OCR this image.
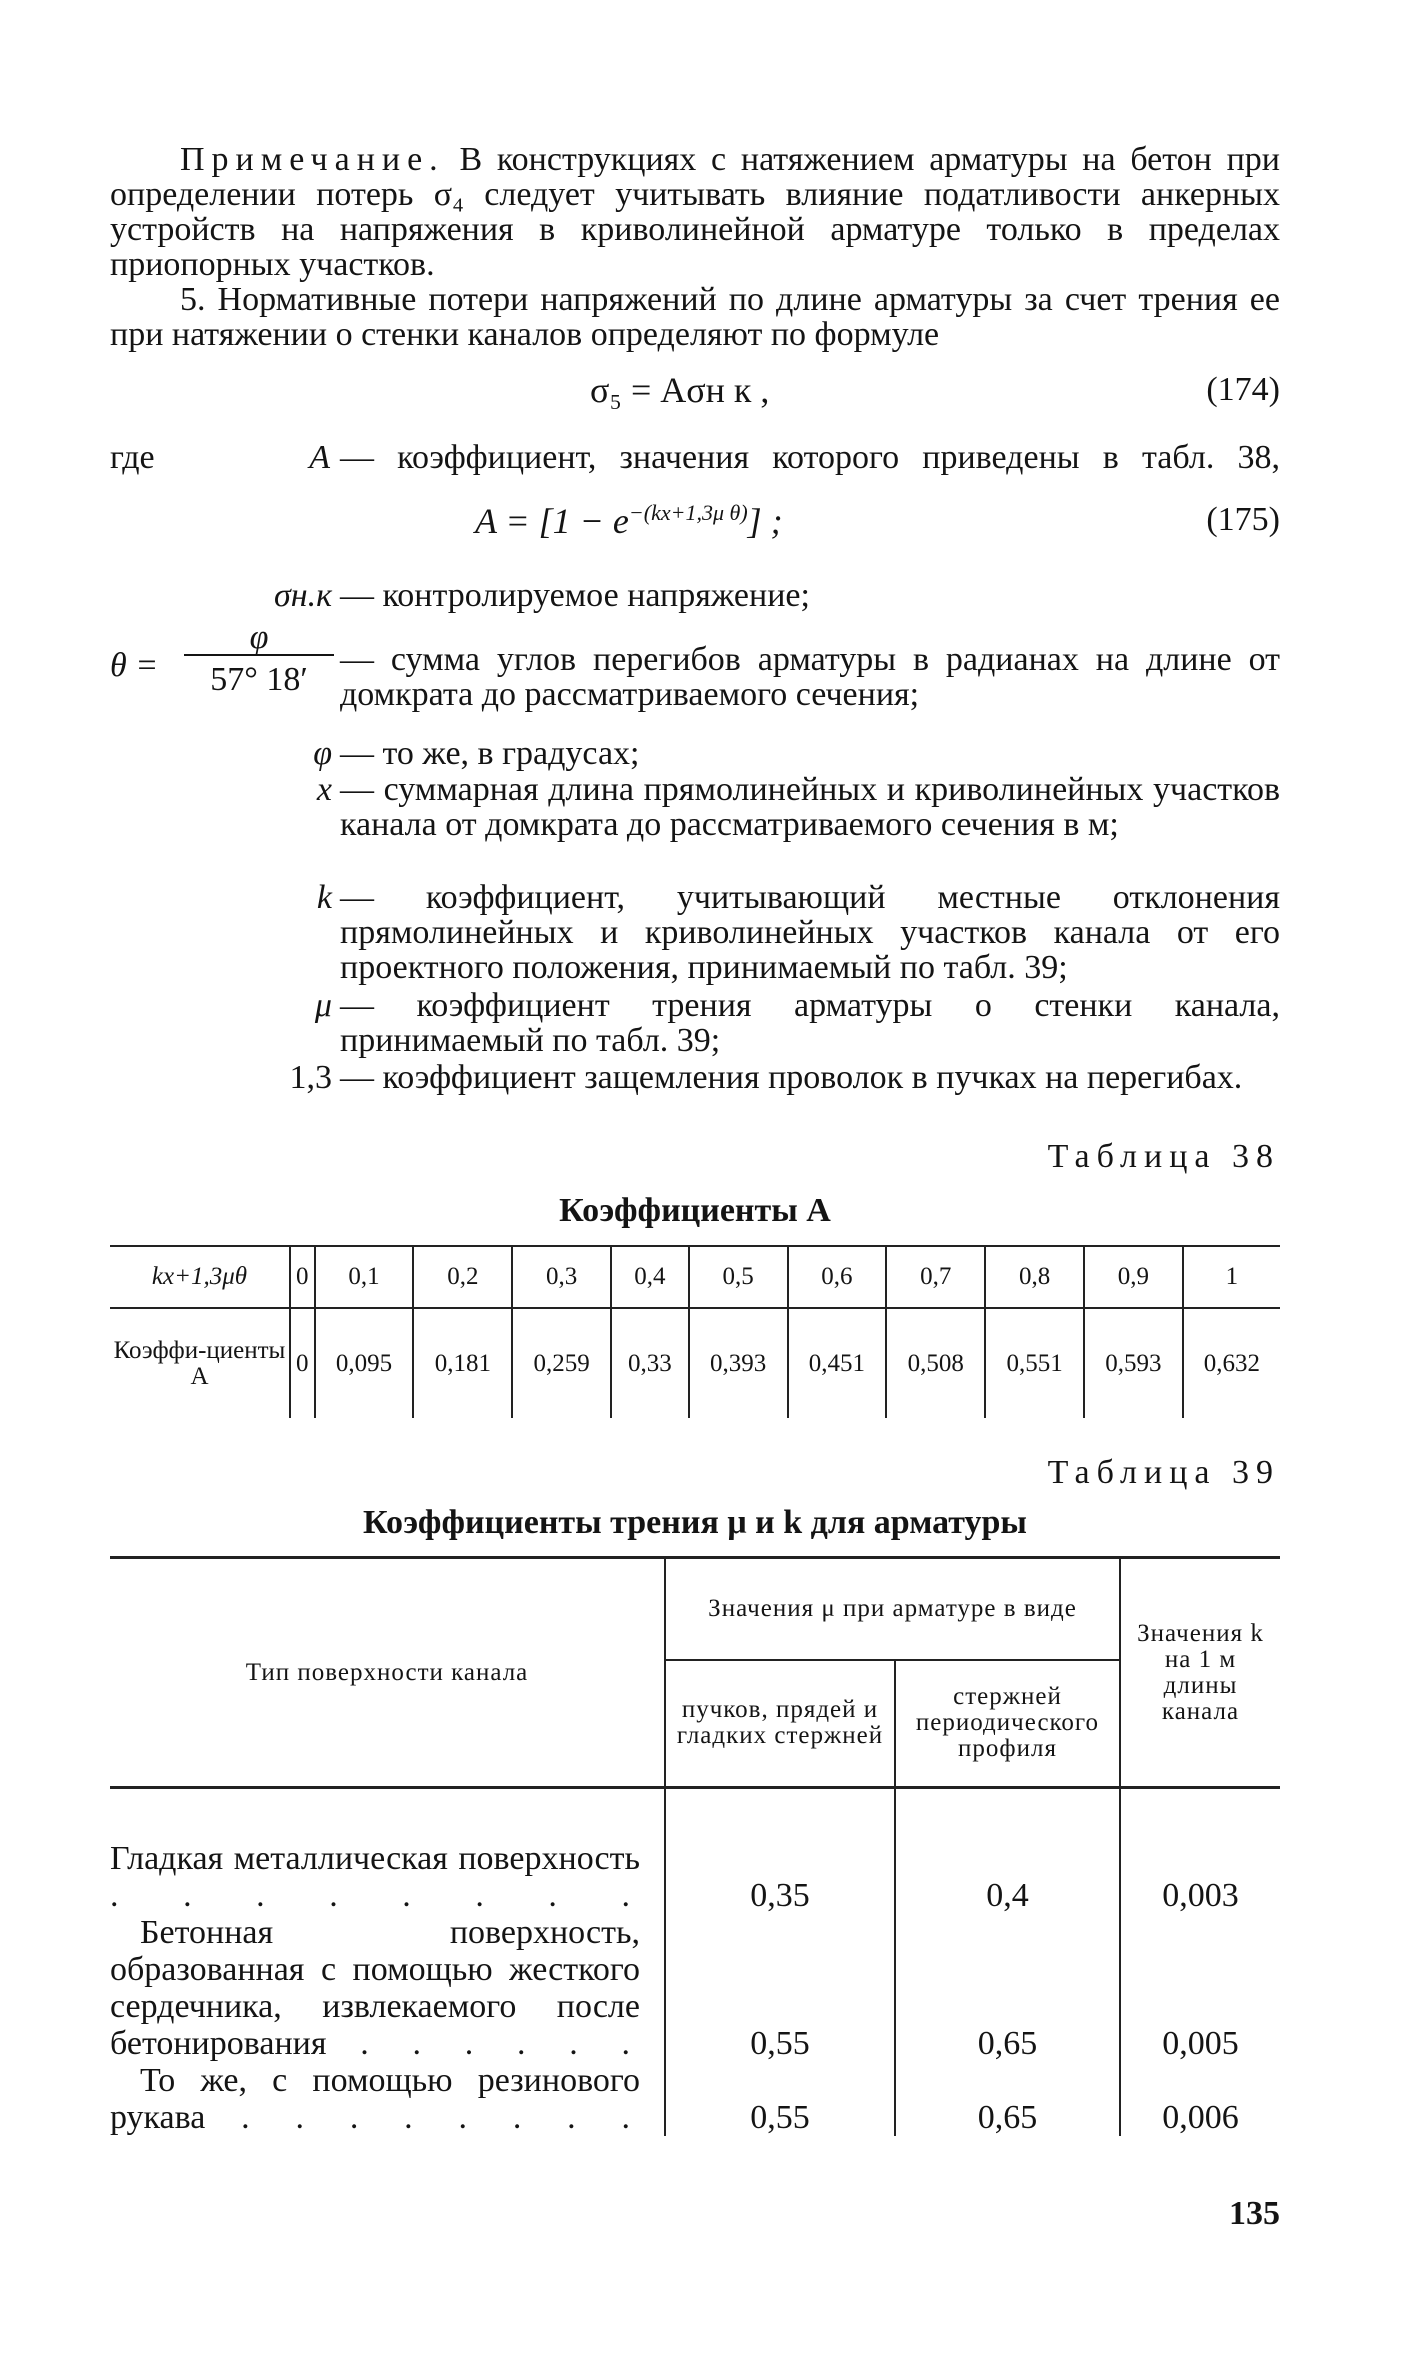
Примечание. В конструкциях с натяжением арматуры на бетон при определении потерь σ₄ следует учитывать влияние податливости анкерных устройств на напряжения в криволинейной арматуре только в пределах приопорных участков.

5. Нормативные потери напряжений по длине арматуры за счет трения ее при натяжении о стенки каналов определяют по формуле

σ₅ = Aσн к ,	(174)
где	A — коэффициент, значения которого приведены в табл. 38,
$A = [1 - e^{-(kx+1,3\mu \theta)}]$ ;	(175)
σн.к — контролируемое напряжение;
θ =
φ
57° 18′
— сумма углов перегибов арматуры в радианах на длине от домкрата до рассматриваемого сечения;
φ — то же, в градусах;
x — суммарная длина прямолинейных и криволинейных участков канала от домкрата до рассматриваемого сечения в м;
k — коэффициент, учитывающий местные отклонения прямолинейных и криволинейных участков канала от его проектного положения, принимаемый по табл. 39;
μ — коэффициент трения арматуры о стенки канала, принимаемый по табл. 39;
1,3 — коэффициент защемления проволок в пучках на перегибах.
Таблица 38
Коэффициенты A
kx+1,3μθ	0	0,1	0,2	0,3	0,4	0,5	0,6	0,7	0,8	0,9	1
Коэффи-циенты A	0	0,095	0,181	0,259	0,33	0,393	0,451	0,508	0,551	0,593	0,632
Таблица 39
Коэффициенты трения μ и k для арматуры
Тип поверхности канала	Значения μ при арматуре в виде		Значения k на 1 м длины канала
	пучков, прядей и гладких стержней	стержней периодического профиля	
Гладкая металлическая поверхность . . . . . . . .	0,35	0,4	0,003
Бетонная поверхность, образованная с помощью жесткого сердечника, извлекаемого после бетонирования . . . . . .	0,55	0,65	0,005
То же, с помощью резинового рукава . . . . . . . .	0,55	0,65	0,006
135
